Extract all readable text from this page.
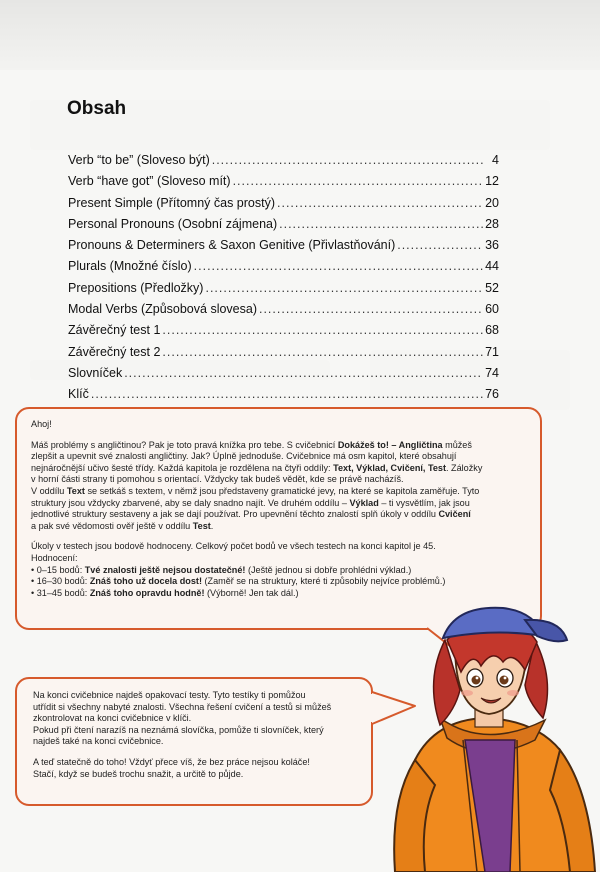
Obsah
Verb “to be” (Sloveso být) .....	4
Verb “have got” (Sloveso mít) .....	12
Present Simple (Přítomný čas prostý) .....	20
Personal Pronouns (Osobní zájmena) .....	28
Pronouns & Determiners & Saxon Genitive (Přivlastňování) .....	36
Plurals (Množné číslo) .....	44
Prepositions (Předložky) .....	52
Modal Verbs (Způsobová slovesa) .....	60
Závěrečný test 1 .....	68
Závěrečný test 2 .....	71
Slovníček .....	74
Klíč .....	76

Ahoj!

Máš problémy s angličtinou? Pak je toto pravá knížka pro tebe. S cvičebnicí Dokážeš to! – Angličtina můžeš
zlepšit a upevnit své znalosti angličtiny. Jak? Úplně jednoduše. Cvičebnice má osm kapitol, které obsahují
nejnáročnější učivo šesté třídy. Každá kapitola je rozdělena na čtyři oddíly: Text, Výklad, Cvičení, Test. Záložky
v horní části strany ti pomohou s orientací. Vždycky tak budeš vědět, kde se právě nacházíš.
V oddílu Text se setkáš s textem, v němž jsou představeny gramatické jevy, na které se kapitola zaměřuje. Tyto
struktury jsou vždycky zbarvené, aby se daly snadno najít. Ve druhém oddílu – Výklad – ti vysvětlím, jak jsou
jednotlivé struktury sestaveny a jak se dají používat. Pro upevnění těchto znalostí splň úkoly v oddílu Cvičení
a pak své vědomosti ověř ještě v oddílu Test.

Úkoly v testech jsou bodově hodnoceny. Celkový počet bodů ve všech testech na konci kapitol je 45.
Hodnocení:
• 0–15 bodů: Tvé znalosti ještě nejsou dostatečné! (Ještě jednou si dobře prohlédni výklad.)
• 16–30 bodů: Znáš toho už docela dost! (Zaměř se na struktury, které ti způsobily nejvíce problémů.)
• 31–45 bodů: Znáš toho opravdu hodně! (Výborně! Jen tak dál.)

Na konci cvičebnice najdeš opakovací testy. Tyto testíky ti pomůžou
utřídit si všechny nabyté znalosti. Všechna řešení cvičení a testů si můžeš
zkontrolovat na konci cvičebnice v klíči.
Pokud při čtení narazíš na neznámá slovíčka, pomůže ti slovníček, který
najdeš také na konci cvičebnice.

A teď statečně do toho! Vždyť přece víš, že bez práce nejsou koláče!
Stačí, když se budeš trochu snažit, a určitě to půjde.
